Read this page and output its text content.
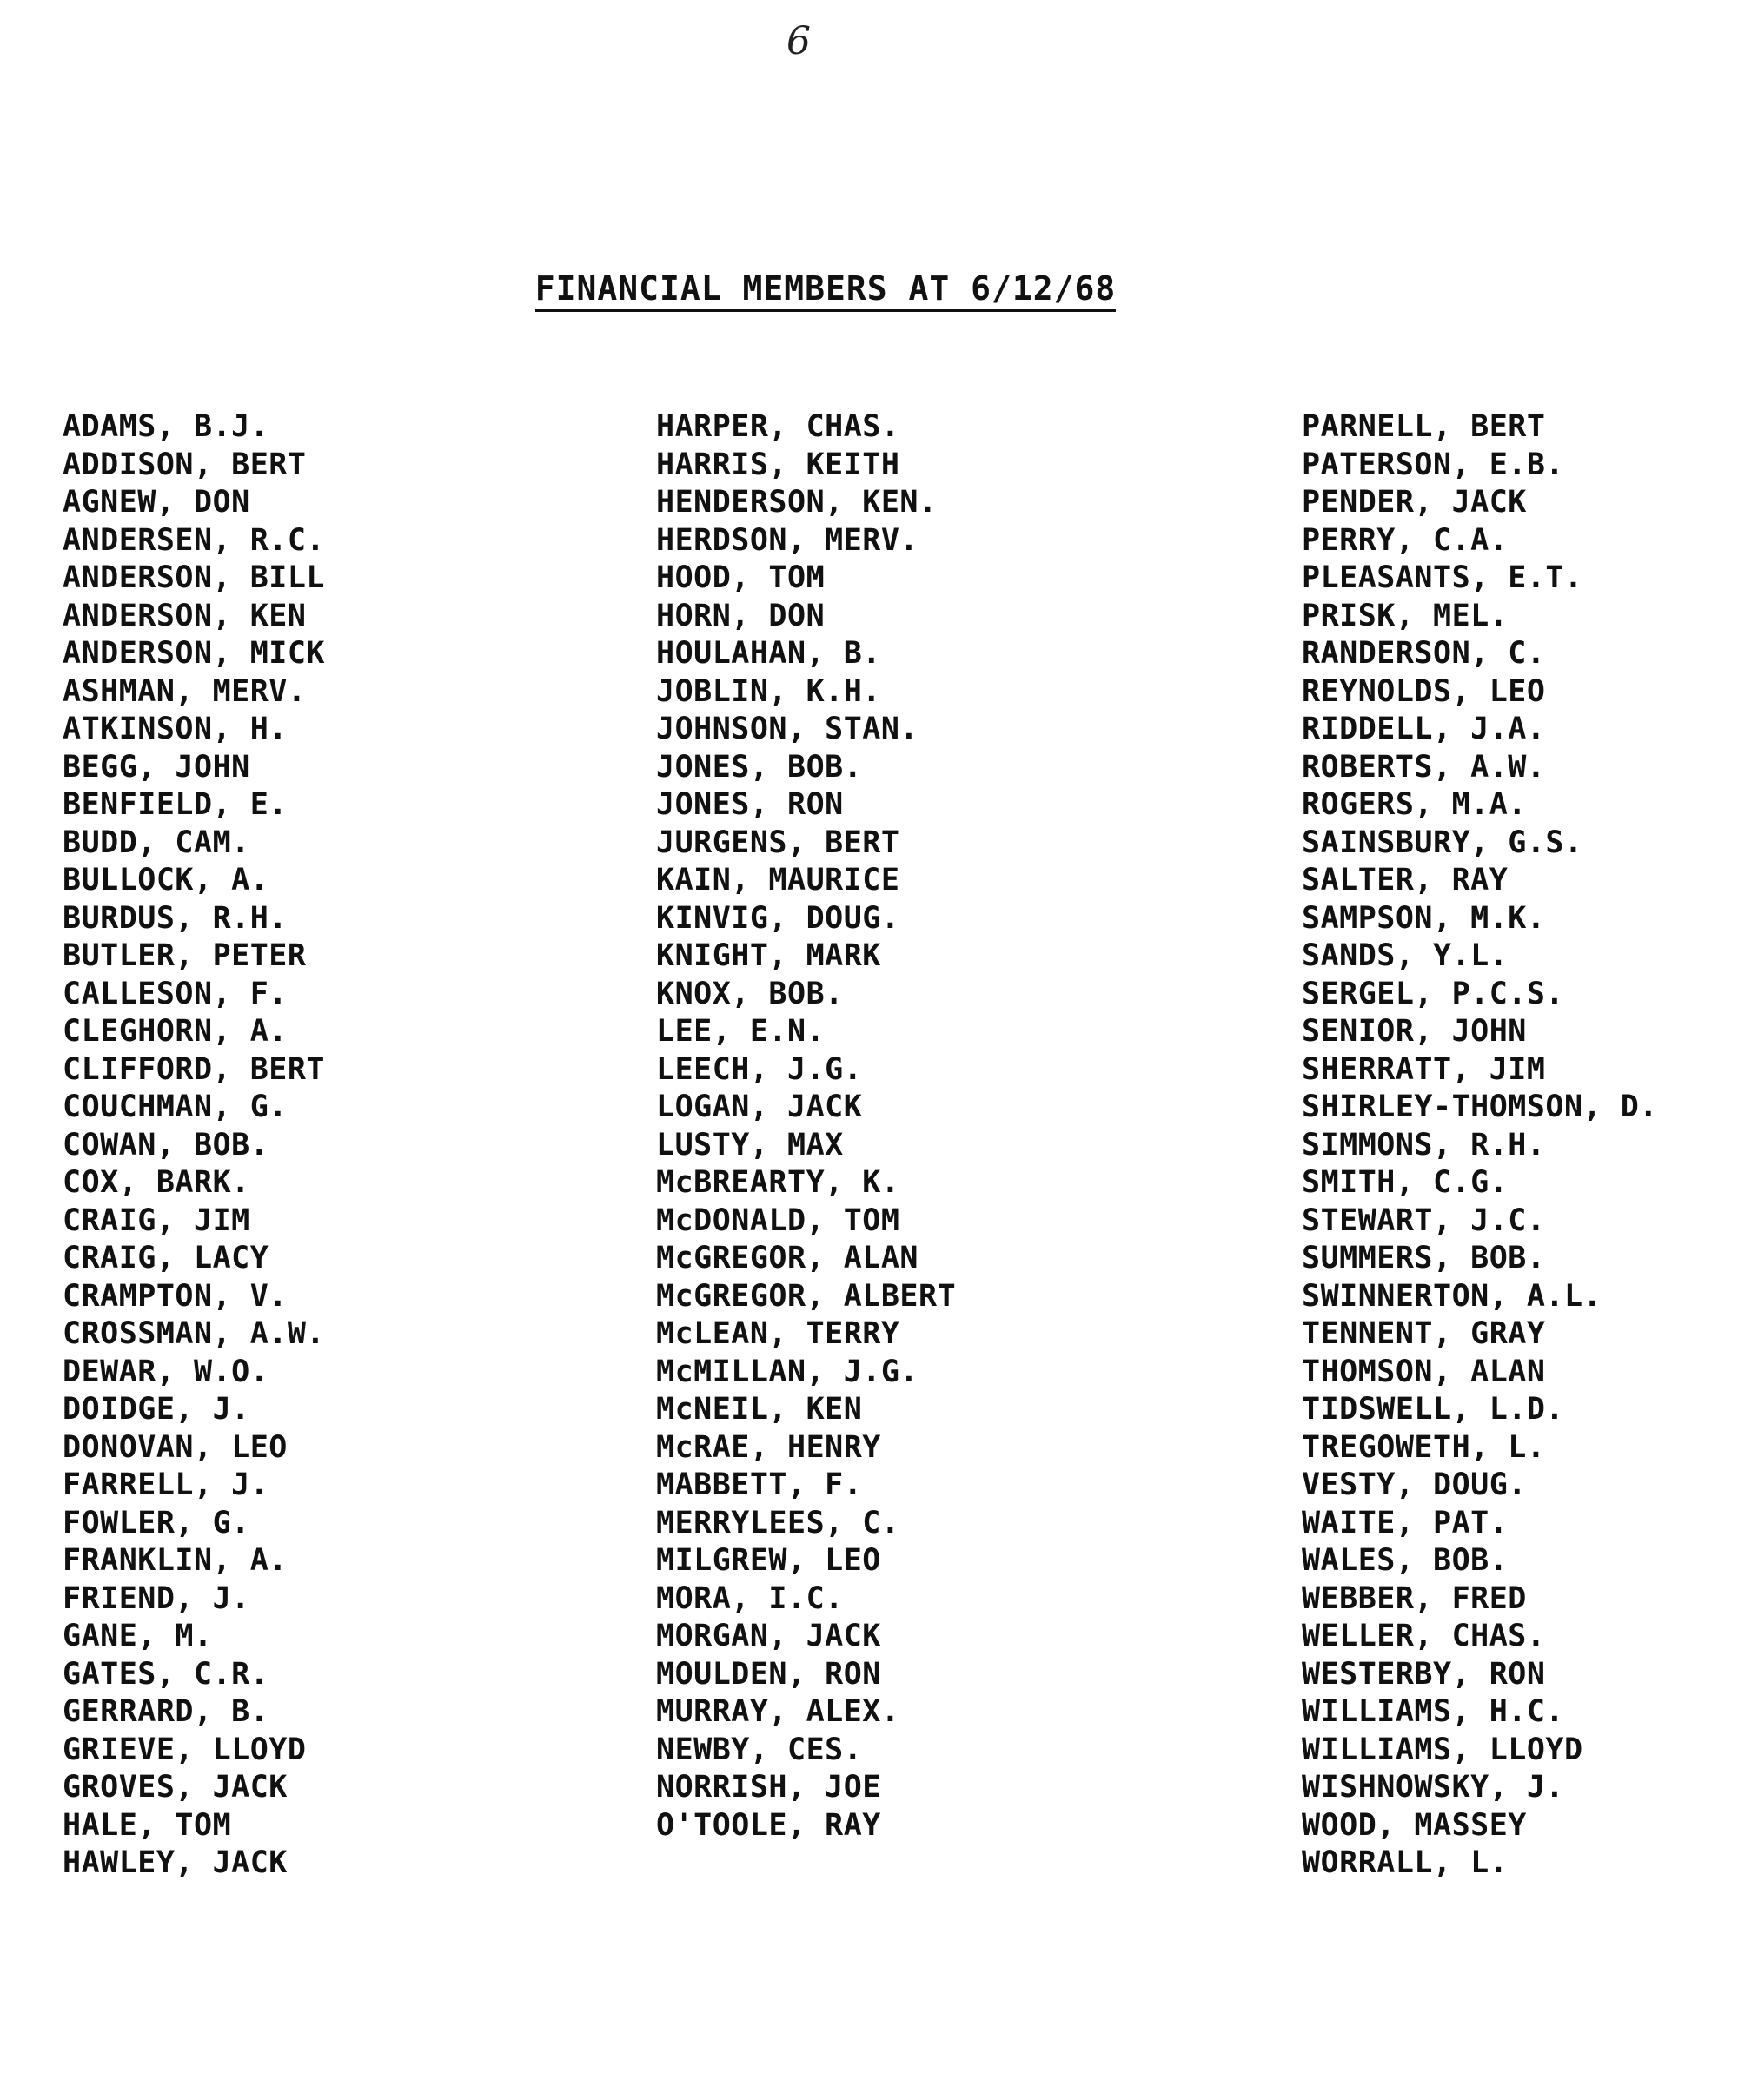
6
FINANCIAL MEMBERS AT 6/12/68
ADAMS, B.J.
ADDISON, BERT
AGNEW, DON
ANDERSEN, R.C.
ANDERSON, BILL
ANDERSON, KEN
ANDERSON, MICK
ASHMAN, MERV.
ATKINSON, H.
BEGG, JOHN
BENFIELD, E.
BUDD, CAM.
BULLOCK, A.
BURDUS, R.H.
BUTLER, PETER
CALLESON, F.
CLEGHORN, A.
CLIFFORD, BERT
COUCHMAN, G.
COWAN, BOB.
COX, BARK.
CRAIG, JIM
CRAIG, LACY
CRAMPTON, V.
CROSSMAN, A.W.
DEWAR, W.O.
DOIDGE, J.
DONOVAN, LEO
FARRELL, J.
FOWLER, G.
FRANKLIN, A.
FRIEND, J.
GANE, M.
GATES, C.R.
GERRARD, B.
GRIEVE, LLOYD
GROVES, JACK
HALE, TOM
HAWLEY, JACK
HARPER, CHAS.
HARRIS, KEITH
HENDERSON, KEN.
HERDSON, MERV.
HOOD, TOM
HORN, DON
HOULAHAN, B.
JOBLIN, K.H.
JOHNSON, STAN.
JONES, BOB.
JONES, RON
JURGENS, BERT
KAIN, MAURICE
KINVIG, DOUG.
KNIGHT, MARK
KNOX, BOB.
LEE, E.N.
LEECH, J.G.
LOGAN, JACK
LUSTY, MAX
McBREARTY, K.
McDONALD, TOM
McGREGOR, ALAN
McGREGOR, ALBERT
McLEAN, TERRY
McMILLAN, J.G.
McNEIL, KEN
McRAE, HENRY
MABBETT, F.
MERRYLEES, C.
MILGREW, LEO
MORA, I.C.
MORGAN, JACK
MOULDEN, RON
MURRAY, ALEX.
NEWBY, CES.
NORRISH, JOE
O'TOOLE, RAY
PARNELL, BERT
PATERSON, E.B.
PENDER, JACK
PERRY, C.A.
PLEASANTS, E.T.
PRISK, MEL.
RANDERSON, C.
REYNOLDS, LEO
RIDDELL, J.A.
ROBERTS, A.W.
ROGERS, M.A.
SAINSBURY, G.S.
SALTER, RAY
SAMPSON, M.K.
SANDS, Y.L.
SERGEL, P.C.S.
SENIOR, JOHN
SHERRATT, JIM
SHIRLEY-THOMSON, D.
SIMMONS, R.H.
SMITH, C.G.
STEWART, J.C.
SUMMERS, BOB.
SWINNERTON, A.L.
TENNENT, GRAY
THOMSON, ALAN
TIDSWELL, L.D.
TREGOWETH, L.
VESTY, DOUG.
WAITE, PAT.
WALES, BOB.
WEBBER, FRED
WELLER, CHAS.
WESTERBY, RON
WILLIAMS, H.C.
WILLIAMS, LLOYD
WISHNOWSKY, J.
WOOD, MASSEY
WORRALL, L.
